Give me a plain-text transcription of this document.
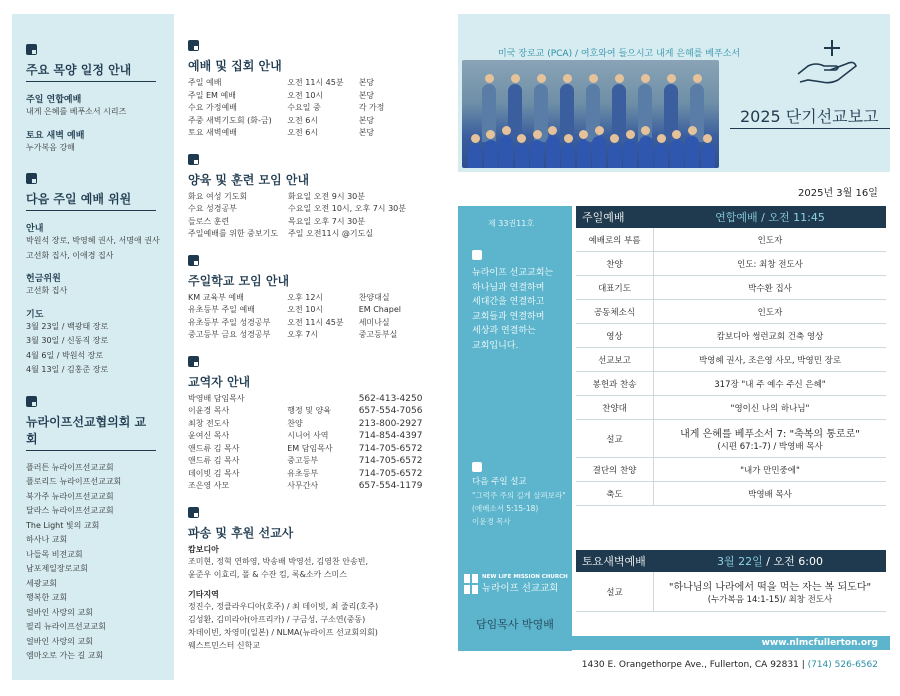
주요 목양 일정 안내
주일 연합예배
내게 은혜를 베푸소서 시리즈
토요 새벽 예배
누가복음 강해
다음 주일 예배 위원
안내
박원석 장로, 박영혜 권사, 서명애 권사
고선화 집사, 이애경 집사
헌금위원
고선화 집사
기도
3월 23일 / 백광태 장로
3월 30일 / 신동직 장로
4월 6일 / 박원석 장로
4월 13일 / 김홍준 장로
뉴라이프선교협의회 교회
플러튼 뉴라이프선교교회
플로리드 뉴라이프선교교회
북가주 뉴라이프선교교회
달라스 뉴라이프선교교회
The Light 빛의 교회
하사나 교회
나들목 비전교회
남포제일장로교회
세광교회
행복한 교회
얼바인 사랑의 교회
필리 뉴라이프선교교회
얼바인 사랑의 교회
엠마오로 가는 길 교회
예배 및 집회 안내
주일 예배	오전 11시 45분	본당
주일 EM 예배	오전 10시	본당
수요 가정예배	수요일 중	각 가정
주중 새벽기도회 (화-금)	오전 6시	본당
토요 새벽예배	오전 6시	본당
양육 및 훈련 모임 안내
화요 여성 기도회	화요일 오전 9시 30분
수요 성경공부	수요일 오전 10시, 오후 7시 30분
들로스 훈련	목요일 오후 7시 30분
주일예배를 위한 중보기도	주일 오전11시 @기도실
주일학교 모임 안내
KM 교육부 예배	오후 12시	찬양대실
유초등부 주일 예배	오전 10시	EM Chapel
유초등부 주일 성경공부	오전 11시 45분	세미나실
중고등부 금요 성경공부	오후 7시	중고등부실
교역자 안내
박영배 담임목사	562-413-4250
이윤경 목사	행정 및 양육	657-554-7056
최창 전도사	찬양	213-800-2927
윤여신 목사	시니어 사역	714-854-4397
앤드류 김 목사	EM 담임목사	714-705-6572
앤드류 김 목사	중고등부	714-705-6572
데이빗 김 목사	유초등부	714-705-6572
조은영 사모	사무간사	657-554-1179
파송 및 후원 선교사
캄보디아
조미현, 정혁 연하영, 박송배 박영선, 김영찬 안송빈,
윤준우 이효리, 폴 & 수잔 킴, 록&소카 스미스
기타지역
정진수, 정클라우디아(호주) / 최 데이빗, 최 줄리(호주)
김성환, 김미라아(아프리카) / 구금성, 구소연(중동)
차데이빈, 차영미(일본) / NLMA(뉴라이프 선교회의회)
웨스트민스터 신학교
미국 장로교 (PCA) / 여호와여 들으시고 내게 은혜를 베푸소서
2025 단기선교보고
2025년 3월 16일
제 33권11호
뉴라이프 선교교회는
하나님과 연결하며
세대간을 연결하고
교회들과 연결하며
세상과 연결하는
교회입니다.
다음 주일 설교
"그럭주 주의 길게 살펴보라"
(에베소서 5:15-18)
이윤경 목사
NEW LIFE MISSION CHURCH
뉴라이프 선교교회
담임목사 박영배
주일예배	연합예배 / 오전 11:45
예배로의 부름	인도자
찬양	인도: 최창 전도사
대표기도	박수환 집사
공동체소식	인도자
영상	캄보디아 썽런교회 건축 영상
선교보고	박영혜 권사, 조은영 사모, 박영민 장로
봉헌과 찬송	317장 "내 주 예수 주신 은혜"
찬양대	"영이신 나의 하나님"
설교	내게 은혜를 베푸소서 7: "축복의 통로로"
(시편 67:1-7) / 박영배 목사
결단의 찬양	"내가 만민중에"
축도	박영배 목사
토요새벽예배	3월 22일 / 오전 6:00
설교	"하나님의 나라에서 떡을 먹는 자는 복 되도다"
(누가복음 14:1-15)/ 최창 전도사
www.nlmcfullerton.org
1430 E. Orangethorpe Ave., Fullerton, CA 92831 | (714) 526-6562
